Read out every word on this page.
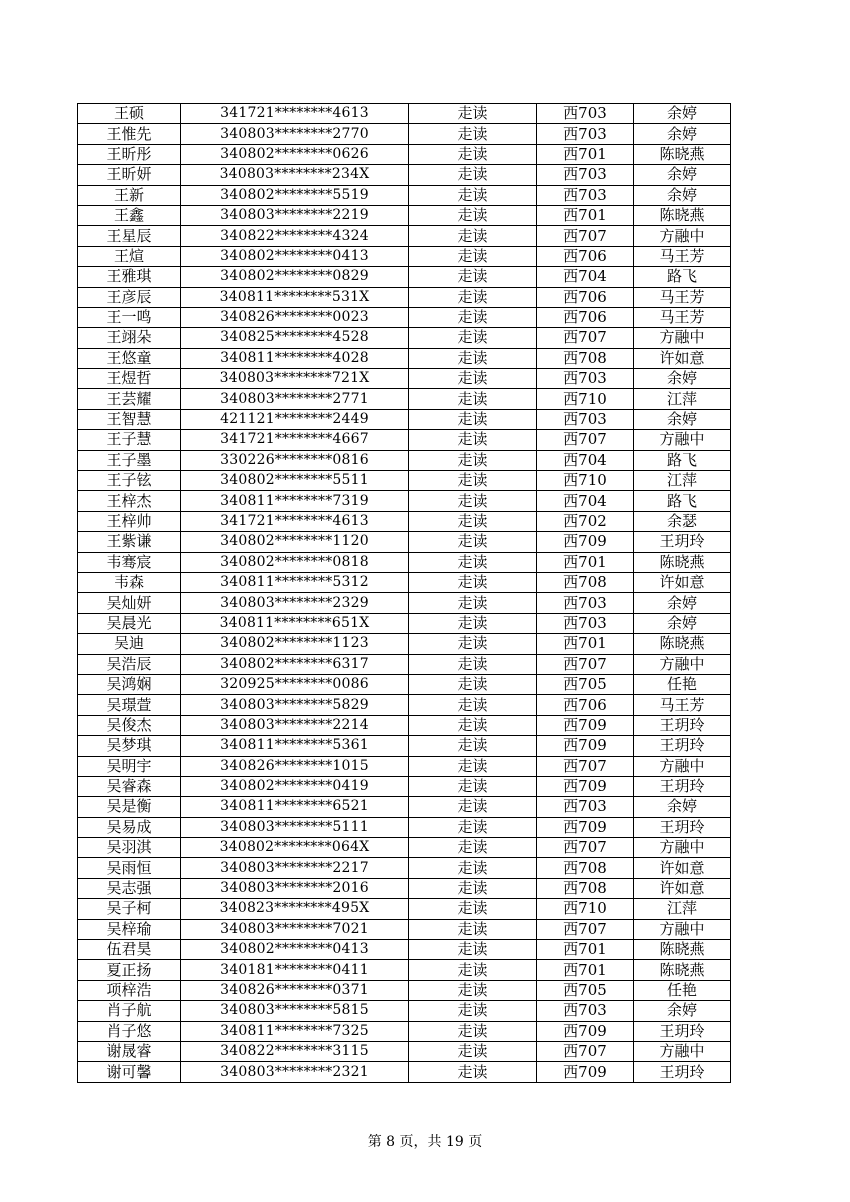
王硕	341721********4613	走读	西703	余婷
王惟先	340803********2770	走读	西703	余婷
王昕彤	340802********0626	走读	西701	陈晓燕
王昕妍	340803********234X	走读	西703	余婷
王新	340802********5519	走读	西703	余婷
王鑫	340803********2219	走读	西701	陈晓燕
王星辰	340822********4324	走读	西707	方融中
王煊	340802********0413	走读	西706	马王芳
王雅琪	340802********0829	走读	西704	路飞
王彦辰	340811********531X	走读	西706	马王芳
王一鸣	340826********0023	走读	西706	马王芳
王翊朵	340825********4528	走读	西707	方融中
王悠童	340811********4028	走读	西708	许如意
王煜哲	340803********721X	走读	西703	余婷
王芸耀	340803********2771	走读	西710	江萍
王智慧	421121********2449	走读	西703	余婷
王子慧	341721********4667	走读	西707	方融中
王子墨	330226********0816	走读	西704	路飞
王子铉	340802********5511	走读	西710	江萍
王梓杰	340811********7319	走读	西704	路飞
王梓帅	341721********4613	走读	西702	余瑟
王紫谦	340802********1120	走读	西709	王玥玲
韦骞宸	340802********0818	走读	西701	陈晓燕
韦森	340811********5312	走读	西708	许如意
吴灿妍	340803********2329	走读	西703	余婷
吴晨光	340811********651X	走读	西703	余婷
吴迪	340802********1123	走读	西701	陈晓燕
吴浩辰	340802********6317	走读	西707	方融中
吴鸿娴	320925********0086	走读	西705	任艳
吴璟萱	340803********5829	走读	西706	马王芳
吴俊杰	340803********2214	走读	西709	王玥玲
吴梦琪	340811********5361	走读	西709	王玥玲
吴明宇	340826********1015	走读	西707	方融中
吴睿森	340802********0419	走读	西709	王玥玲
吴是衡	340811********6521	走读	西703	余婷
吴易成	340803********5111	走读	西709	王玥玲
吴羽淇	340802********064X	走读	西707	方融中
吴雨恒	340803********2217	走读	西708	许如意
吴志强	340803********2016	走读	西708	许如意
吴子柯	340823********495X	走读	西710	江萍
吴梓瑜	340803********7021	走读	西707	方融中
伍君昊	340802********0413	走读	西701	陈晓燕
夏正扬	340181********0411	走读	西701	陈晓燕
项梓浩	340826********0371	走读	西705	任艳
肖子航	340803********5815	走读	西703	余婷
肖子悠	340811********7325	走读	西709	王玥玲
谢晟睿	340822********3115	走读	西707	方融中
谢可馨	340803********2321	走读	西709	王玥玲
第 8 页，共 19 页
